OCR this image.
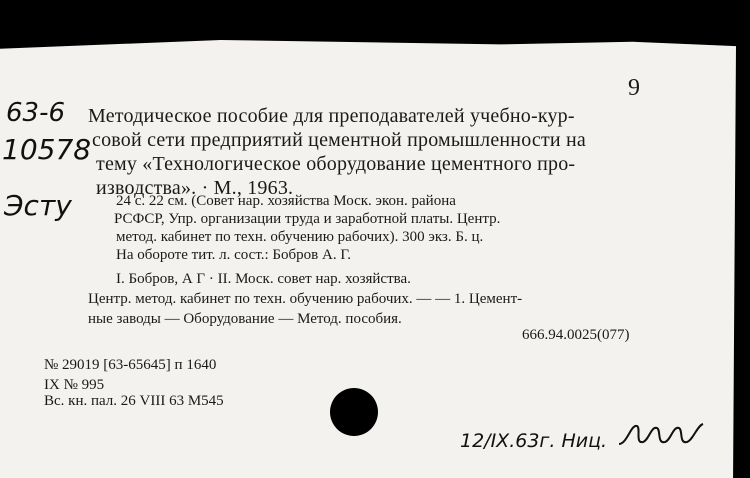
9
63-6
10578
Эсту
Методическое пособие для преподавателей учебно-кур-
совой сети предприятий цементной промышленности на
тему «Технологическое оборудование цементного про-
изводства». · М., 1963.
24 с. 22 см. (Совет нар. хозяйства Моск. экон. района
РСФСР, Упр. организации труда и заработной платы. Центр.
метод. кабинет по техн. обучению рабочих). 300 экз. Б. ц.
На обороте тит. л. сост.: Бобров А. Г.
I. Бобров, А Г · II. Моск. совет нар. хозяйства.
Центр. метод. кабинет по техн. обучению рабочих. — — 1. Цемент-
ные заводы — Оборудование — Метод. пособия.
666.94.0025(077)
№ 29019 [63-65645] п 1640
IX № 995
Вс. кн. пал. 26 VIII 63 М545
12/IX.63г. Ниц.
